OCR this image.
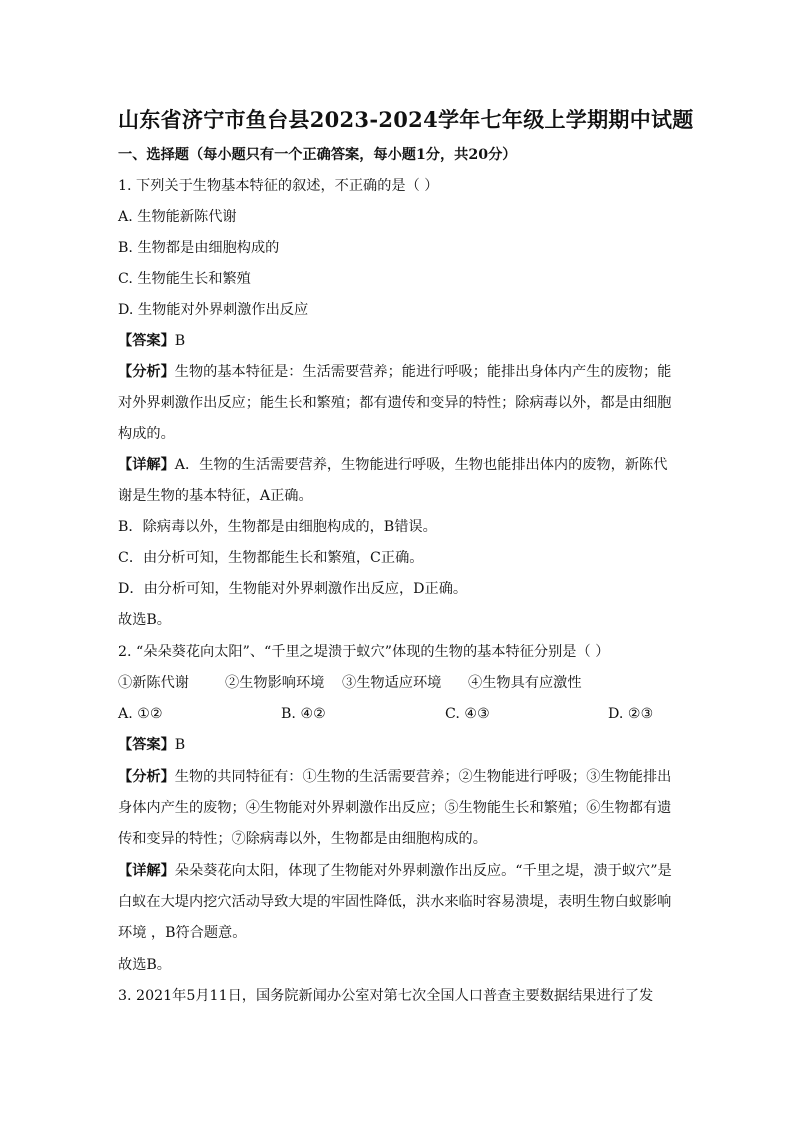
山东省济宁市鱼台县2023-2024学年七年级上学期期中试题
一、选择题（每小题只有一个正确答案，每小题1分，共20分）
1. 下列关于生物基本特征的叙述，不正确的是（ ）
A. 生物能新陈代谢
B. 生物都是由细胞构成的
C. 生物能生长和繁殖
D. 生物能对外界刺激作出反应
【答案】B
【分析】生物的基本特征是：生活需要营养；能进行呼吸；能排出身体内产生的废物；能
对外界刺激作出反应；能生长和繁殖；都有遗传和变异的特性；除病毒以外，都是由细胞
构成的。
【详解】A．生物的生活需要营养，生物能进行呼吸，生物也能排出体内的废物，新陈代
谢是生物的基本特征，A正确。
B．除病毒以外，生物都是由细胞构成的，B错误。
C．由分析可知，生物都能生长和繁殖，C正确。
D．由分析可知，生物能对外界刺激作出反应，D正确。
故选B。
2. “朵朵葵花向太阳”、“千里之堤溃于蚁穴”体现的生物的基本特征分别是（ ）
①新陈代谢	②生物影响环境 ③生物适应环境 ④生物具有应激性
A. ①②	B. ④②	C. ④③	D. ②③
【答案】B
【分析】生物的共同特征有：①生物的生活需要营养；②生物能进行呼吸；③生物能排出
身体内产生的废物；④生物能对外界刺激作出反应；⑤生物能生长和繁殖；⑥生物都有遗
传和变异的特性；⑦除病毒以外，生物都是由细胞构成的。
【详解】朵朵葵花向太阳，体现了生物能对外界刺激作出反应。“千里之堤，溃于蚁穴”是
白蚁在大堤内挖穴活动导致大堤的牢固性降低，洪水来临时容易溃堤，表明生物白蚁影响
环境 ，B符合题意。
故选B。
3. 2021年5月11日，国务院新闻办公室对第七次全国人口普查主要数据结果进行了发
